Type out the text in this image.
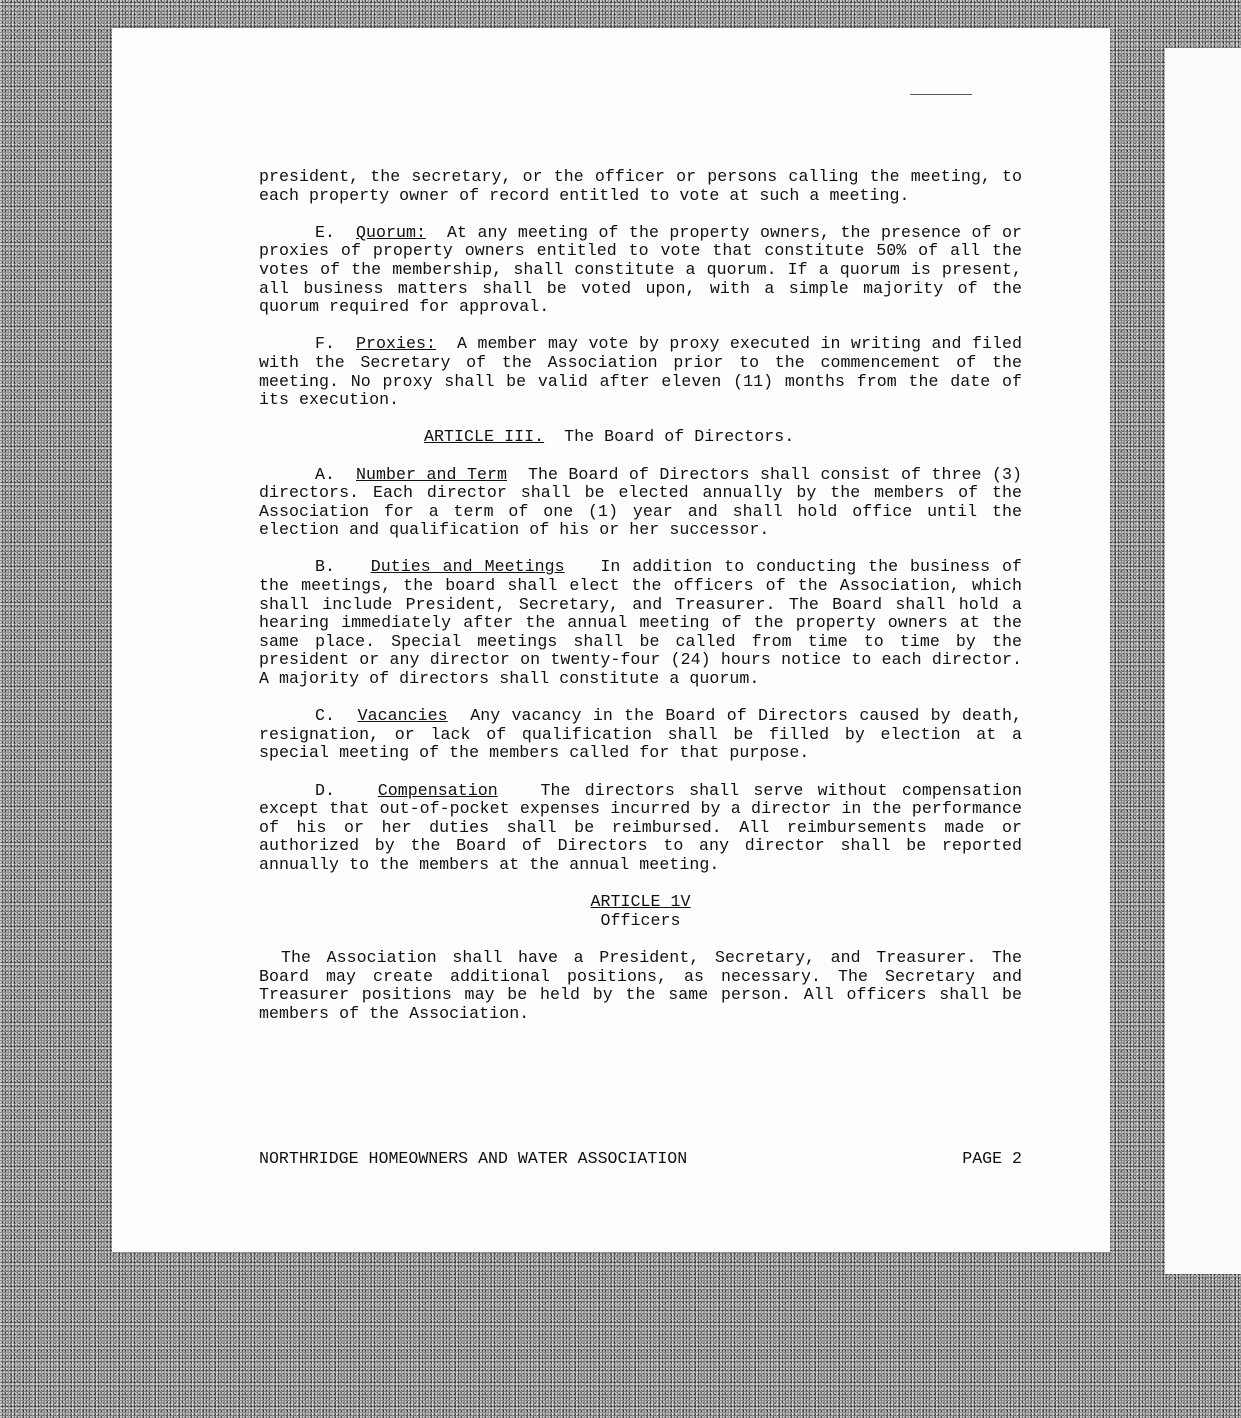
president, the secretary, or the officer or persons calling the meeting, to each property owner of record entitled to vote at such a meeting.

E. Quorum: At any meeting of the property owners, the presence of or proxies of property owners entitled to vote that constitute 50% of all the votes of the membership, shall constitute a quorum. If a quorum is present, all business matters shall be voted upon, with a simple majority of the quorum required for approval.

F. Proxies: A member may vote by proxy executed in writing and filed with the Secretary of the Association prior to the commencement of the meeting. No proxy shall be valid after eleven (11) months from the date of its execution.

ARTICLE III. The Board of Directors.

A. Number and Term The Board of Directors shall consist of three (3) directors. Each director shall be elected annually by the members of the Association for a term of one (1) year and shall hold office until the election and qualification of his or her successor.

B. Duties and Meetings In addition to conducting the business of the meetings, the board shall elect the officers of the Association, which shall include President, Secretary, and Treasurer. The Board shall hold a hearing immediately after the annual meeting of the property owners at the same place. Special meetings shall be called from time to time by the president or any director on twenty-four (24) hours notice to each director. A majority of directors shall constitute a quorum.

C. Vacancies Any vacancy in the Board of Directors caused by death, resignation, or lack of qualification shall be filled by election at a special meeting of the members called for that purpose.

D.	Compensation	The directors shall serve without compensation except that out-of-pocket expenses incurred by a director in the performance of his or her duties shall be reimbursed. All reimbursements made or authorized by the Board of Directors to any director shall be reported annually to the members at the annual meeting.

ARTICLE 1V
Officers

The Association shall have a President, Secretary, and Treasurer. The Board may create additional positions, as necessary. The Secretary and Treasurer positions may be held by the same person. All officers shall be members of the Association.

NORTHRIDGE HOMEOWNERS AND WATER ASSOCIATION	PAGE 2
